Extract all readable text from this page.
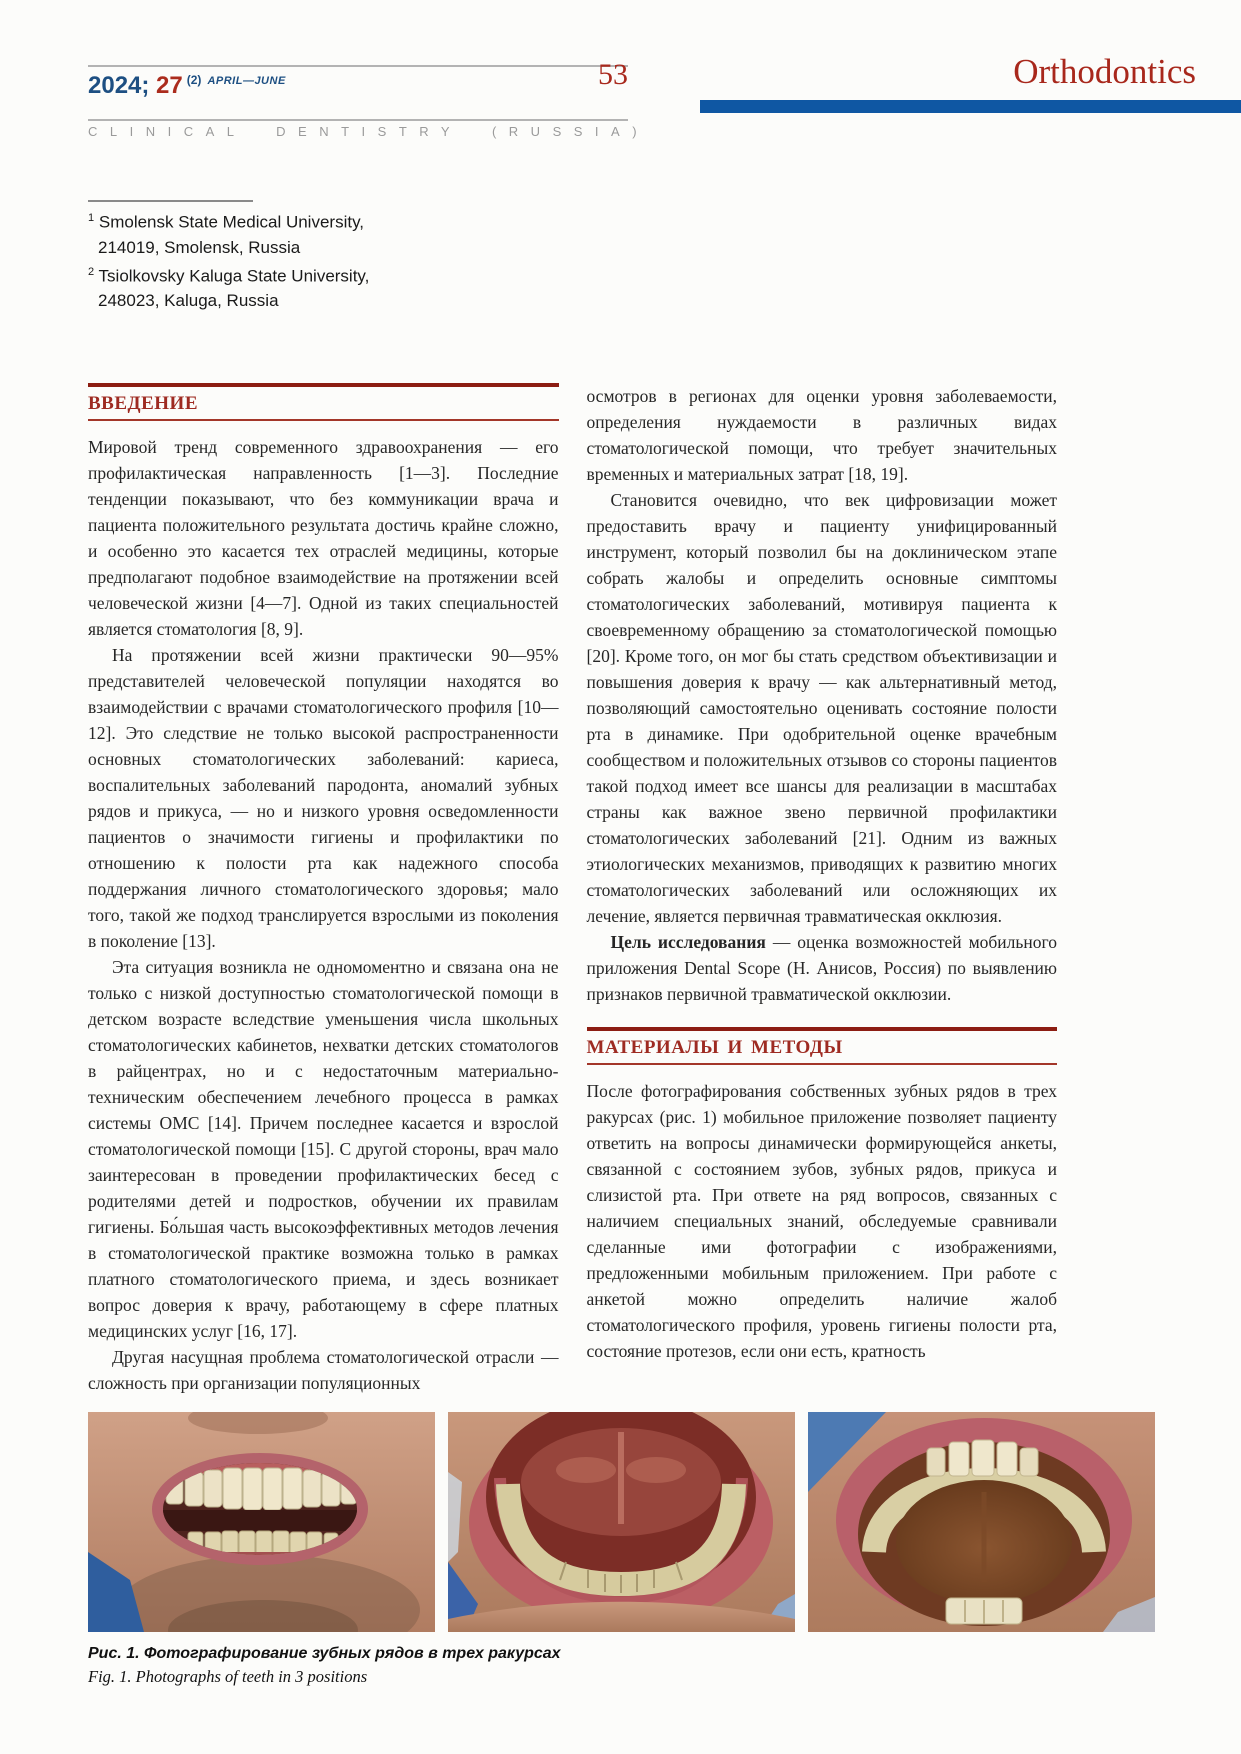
2024; 27 $^{(2)}$ $^{APRIL—JUNE}$	53
CLINICAL DENTISTRY (RUSSIA)
Orthodontics
$^1$ Smolensk State Medical University,
214019, Smolensk, Russia
$^2$ Tsiolkovsky Kaluga State University,
248023, Kaluga, Russia
ВВЕДЕНИЕ

Мировой тренд современного здравоохранения — его профилактическая направленность [1—3]. Последние тенденции показывают, что без коммуникации врача и пациента положительного результата достичь крайне сложно, и особенно это касается тех отраслей медицины, которые предполагают подобное взаимодействие на протяжении всей человеческой жизни [4—7]. Одной из таких специальностей является стоматология [8, 9].

На протяжении всей жизни практически 90—95% представителей человеческой популяции находятся во взаимодействии с врачами стоматологического профиля [10—12]. Это следствие не только высокой распространенности основных стоматологических заболеваний: кариеса, воспалительных заболеваний пародонта, аномалий зубных рядов и прикуса, — но и низкого уровня осведомленности пациентов о значимости гигиены и профилактики по отношению к полости рта как надежного способа поддержания личного стоматологического здоровья; мало того, такой же подход транслируется взрослыми из поколения в поколение [13].

Эта ситуация возникла не одномоментно и связана она не только с низкой доступностью стоматологической помощи в детском возрасте вследствие уменьшения числа школьных стоматологических кабинетов, нехватки детских стоматологов в райцентрах, но и с недостаточным материально-техническим обеспечением лечебного процесса в рамках системы ОМС [14]. Причем последнее касается и взрослой стоматологической помощи [15]. С другой стороны, врач мало заинтересован в проведении профилактических бесед с родителями детей и подростков, обучении их правилам гигиены. Бо́льшая часть высокоэффективных методов лечения в стоматологической практике возможна только в рамках платного стоматологического приема, и здесь возникает вопрос доверия к врачу, работающему в сфере платных медицинских услуг [16, 17].

Другая насущная проблема стоматологической отрасли — сложность при организации популяционных

осмотров в регионах для оценки уровня заболеваемости, определения нуждаемости в различных видах стоматологической помощи, что требует значительных временных и материальных затрат [18, 19].

Становится очевидно, что век цифровизации может предоставить врачу и пациенту унифицированный инструмент, который позволил бы на доклиническом этапе собрать жалобы и определить основные симптомы стоматологических заболеваний, мотивируя пациента к своевременному обращению за стоматологической помощью [20]. Кроме того, он мог бы стать средством объективизации и повышения доверия к врачу — как альтернативный метод, позволяющий самостоятельно оценивать состояние полости рта в динамике. При одобрительной оценке врачебным сообществом и положительных отзывов со стороны пациентов такой подход имеет все шансы для реализации в масштабах страны как важное звено первичной профилактики стоматологических заболеваний [21]. Одним из важных этиологических механизмов, приводящих к развитию многих стоматологических заболеваний или осложняющих их лечение, является первичная травматическая окклюзия.

Цель исследования — оценка возможностей мобильного приложения Dental Scope (Н. Анисов, Россия) по выявлению признаков первичной травматической окклюзии.

МАТЕРИАЛЫ И МЕТОДЫ

После фотографирования собственных зубных рядов в трех ракурсах (рис. 1) мобильное приложение позволяет пациенту ответить на вопросы динамически формирующейся анкеты, связанной с состоянием зубов, зубных рядов, прикуса и слизистой рта. При ответе на ряд вопросов, связанных с наличием специальных знаний, обследуемые сравнивали сделанные ими фотографии с изображениями, предложенными мобильным приложением. При работе с анкетой можно определить наличие жалоб стоматологического профиля, уровень гигиены полости рта, состояние протезов, если они есть, кратность

Рис. 1. Фотографирование зубных рядов в трех ракурсах
Fig. 1. Photographs of teeth in 3 positions
